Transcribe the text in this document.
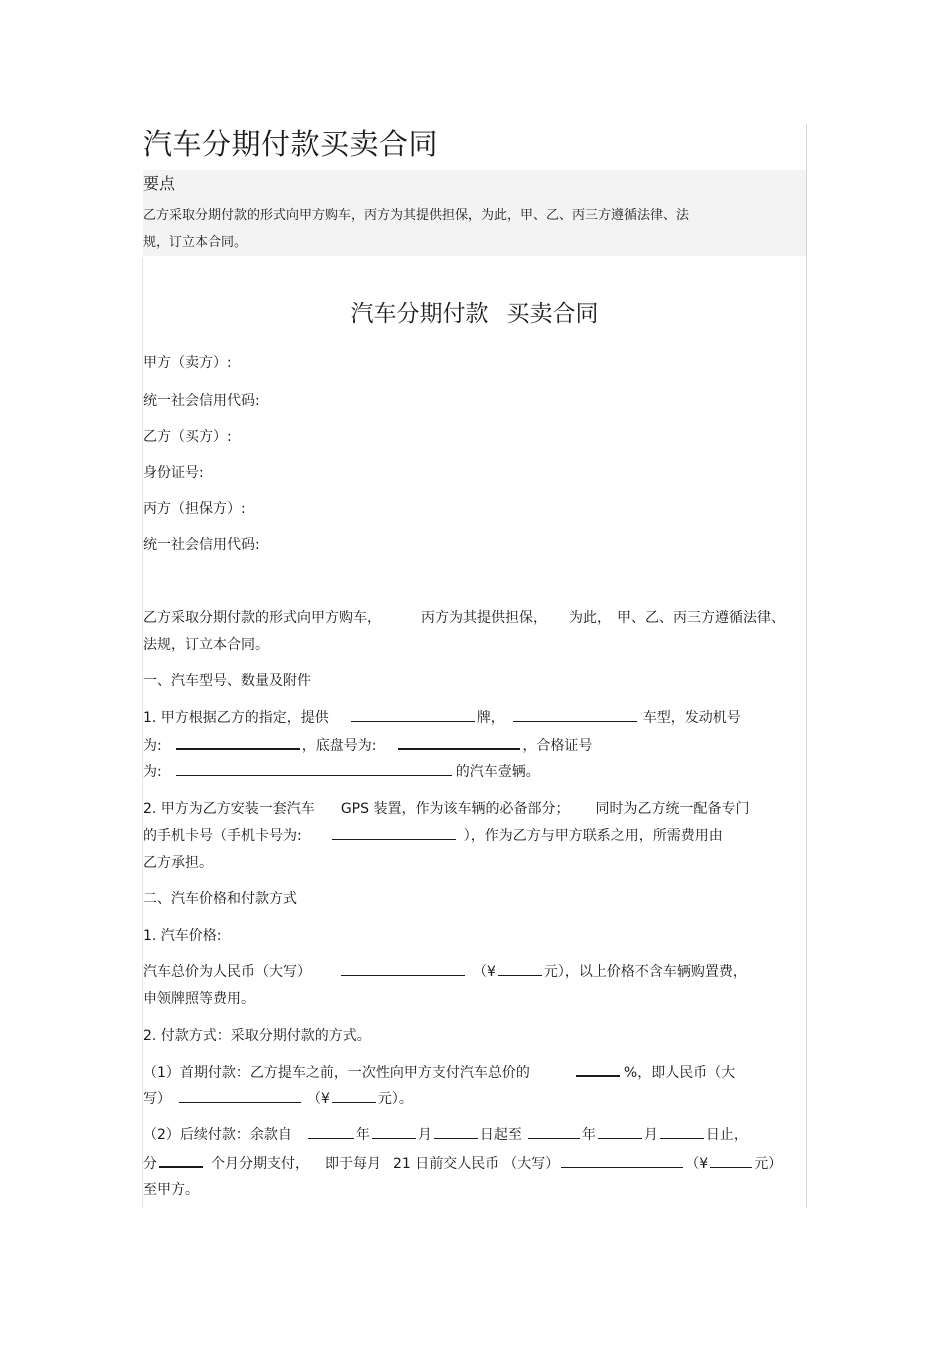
汽车分期付款买卖合同
要点
乙方采取分期付款的形式向甲方购车，丙方为其提供担保，为此，甲、乙、丙三方遵循法律、法
规，订立本合同。
汽车分期付款 买卖合同
甲方（卖方）:
统一社会信用代码:
乙方（买方）:
身份证号:
丙方（担保方）:
统一社会信用代码:
乙方采取分期付款的形式向甲方购车，	丙方为其提供担保， 为此， 甲、乙、丙三方遵循法律、
法规，订立本合同。
一、汽车型号、数量及附件
1. 甲方根据乙方的指定，提供	牌，	车型，发动机号
为:	，底盘号为:	，合格证号
为:	的汽车壹辆。
2. 甲方为乙方安装一套汽车 GPS 装置，作为该车辆的必备部分； 同时为乙方统一配备专门
的手机卡号（手机卡号为:	），作为乙方与甲方联系之用，所需费用由
乙方承担。
二、汽车价格和付款方式
1. 汽车价格:
汽车总价为人民币（大写）	（¥	元），以上价格不含车辆购置费，
申领牌照等费用。
2. 付款方式：采取分期付款的方式。
（1）首期付款：乙方提车之前，一次性向甲方支付汽车总价的	%，即人民币（大
写）	（¥	元）。
（2）后续付款：余款自	年	月	日起至	年	月	日止，
分	个月分期支付， 即于每月 21 日前交人民币 （大写）	（¥	元）
至甲方。
